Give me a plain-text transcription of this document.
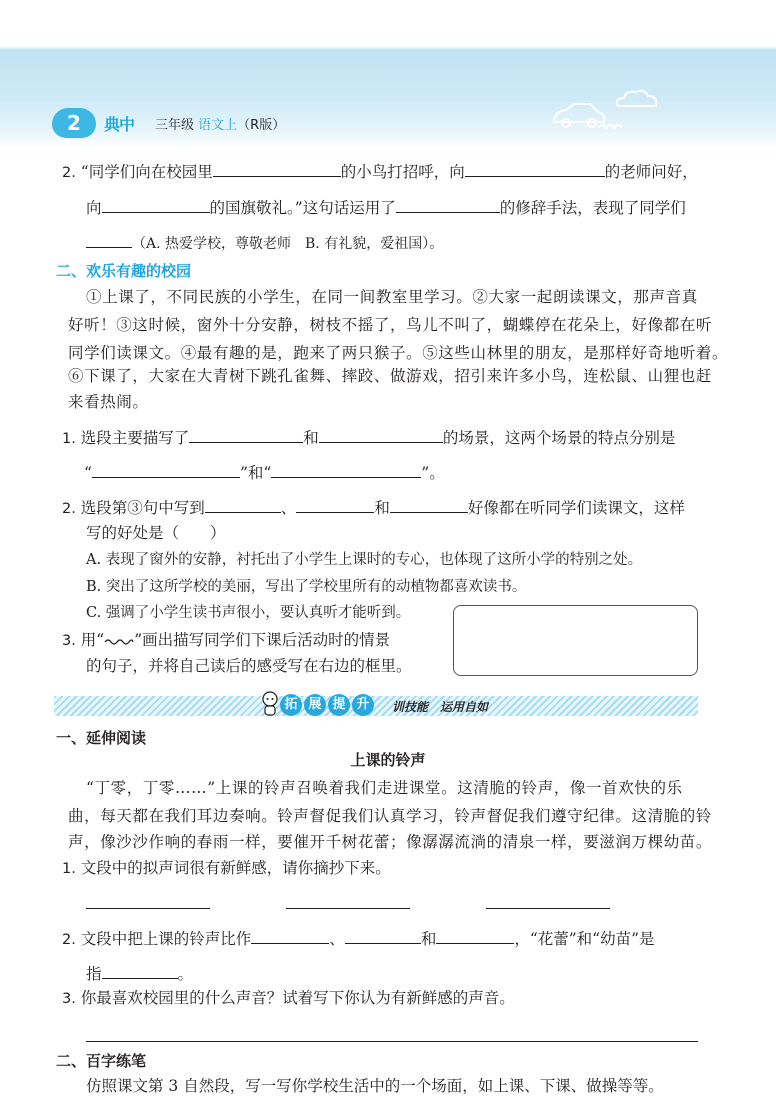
2	典中	三年级 语文上（R版）
2. “同学们向在校园里	的小鸟打招呼，向	的老师问好，
向	的国旗敬礼。”这句话运用了	的修辞手法，表现了同学们
（A. 热爱学校，尊敬老师　B. 有礼貌，爱祖国）。
二、欢乐有趣的校园
①上课了，不同民族的小学生，在同一间教室里学习。②大家一起朗读课文，那声音真
好听！③这时候，窗外十分安静，树枝不摇了，鸟儿不叫了，蝴蝶停在花朵上，好像都在听
同学们读课文。④最有趣的是，跑来了两只猴子。⑤这些山林里的朋友，是那样好奇地听着。
⑥下课了，大家在大青树下跳孔雀舞、摔跤、做游戏，招引来许多小鸟，连松鼠、山狸也赶
来看热闹。
1. 选段主要描写了	和	的场景，这两个场景的特点分别是
“	”和“	”。
2. 选段第③句中写到	、	和	好像都在听同学们读课文，这样
写的好处是（　　）
A. 表现了窗外的安静，衬托出了小学生上课时的专心，也体现了这所小学的特别之处。
B. 突出了这所学校的美丽，写出了学校里所有的动植物都喜欢读书。
C. 强调了小学生读书声很小，要认真听才能听到。
3. 用“ ”画出描写同学们下课后活动时的情景
的句子，并将自己读后的感受写在右边的框里。
拓 展 提 升	训技能　运用自如
一、延伸阅读
上课的铃声
“丁零，丁零……”上课的铃声召唤着我们走进课堂。这清脆的铃声，像一首欢快的乐
曲，每天都在我们耳边奏响。铃声督促我们认真学习，铃声督促我们遵守纪律。这清脆的铃
声，像沙沙作响的春雨一样，要催开千树花蕾；像潺潺流淌的清泉一样，要滋润万棵幼苗。
1. 文段中的拟声词很有新鲜感，请你摘抄下来。
2. 文段中把上课的铃声比作	、	和	，“花蕾”和“幼苗”是
指	。
3. 你最喜欢校园里的什么声音？试着写下你认为有新鲜感的声音。
二、百字练笔
仿照课文第 3 自然段，写一写你学校生活中的一个场面，如上课、下课、做操等等。
